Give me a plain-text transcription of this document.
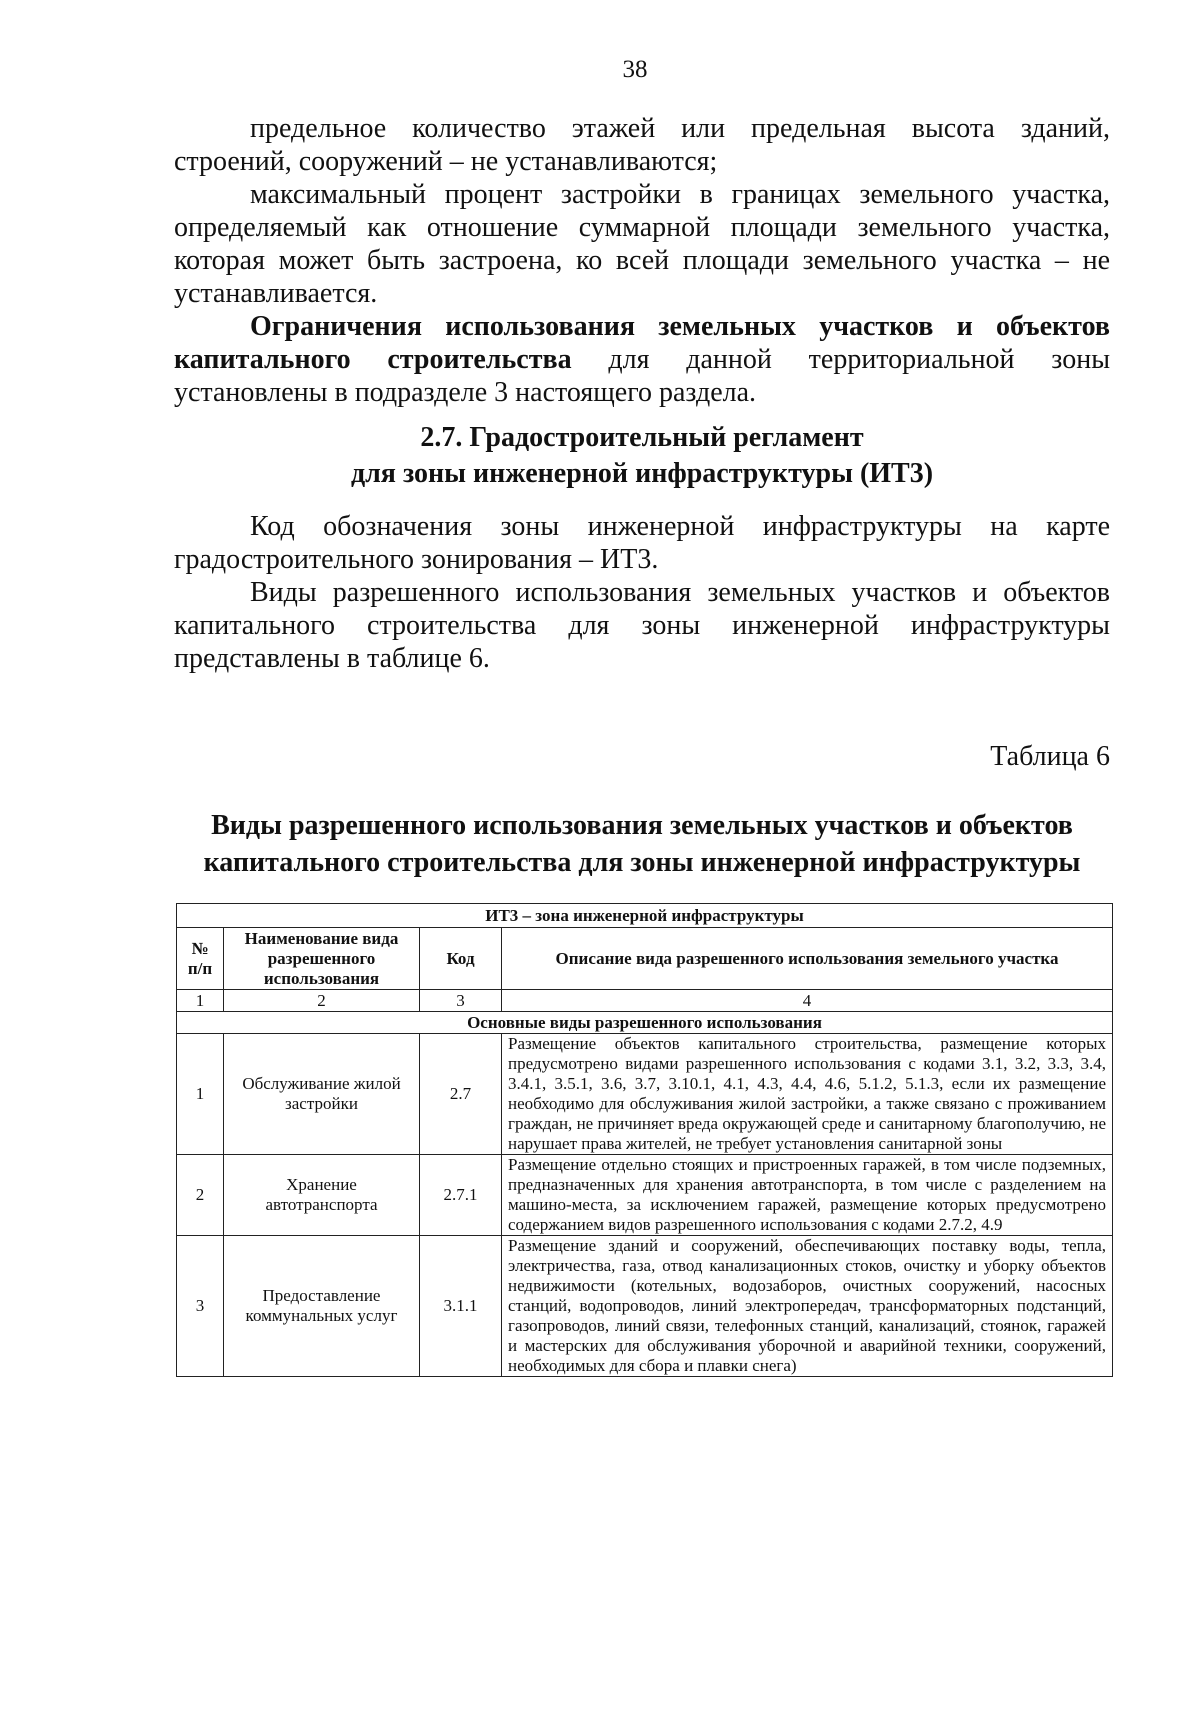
38

предельное количество этажей или предельная высота зданий, строений, сооружений – не устанавливаются;

максимальный процент застройки в границах земельного участка, определяемый как отношение суммарной площади земельного участка, которая может быть застроена, ко всей площади земельного участка – не устанавливается.

Ограничения использования земельных участков и объектов капитального строительства для данной территориальной зоны установлены в подразделе 3 настоящего раздела.

2.7. Градостроительный регламент
для зоны инженерной инфраструктуры (ИТ3)

Код обозначения зоны инженерной инфраструктуры на карте градостроительного зонирования – ИТ3.

Виды разрешенного использования земельных участков и объектов капитального строительства для зоны инженерной инфраструктуры представлены в таблице 6.

Таблица 6
Виды разрешенного использования земельных участков и объектов
капитального строительства для зоны инженерной инфраструктуры
ИТ3 – зона инженерной инфраструктуры			
№ п/п	Наименование вида разрешенного использования	Код	Описание вида разрешенного использования земельного участка
1	2	3	4
Основные виды разрешенного использования			
1	Обслуживание жилой застройки	2.7	Размещение объектов капитального строительства, размещение которых предусмотрено видами разрешенного использования с кодами 3.1, 3.2, 3.3, 3.4, 3.4.1, 3.5.1, 3.6, 3.7, 3.10.1, 4.1, 4.3, 4.4, 4.6, 5.1.2, 5.1.3, если их размещение необходимо для обслуживания жилой застройки, а также связано с проживанием граждан, не причиняет вреда окружающей среде и санитарному благополучию, не нарушает права жителей, не требует установления санитарной зоны
2	Хранение автотранспорта	2.7.1	Размещение отдельно стоящих и пристроенных гаражей, в том числе подземных, предназначенных для хранения автотранспорта, в том числе с разделением на машино-места, за исключением гаражей, размещение которых предусмотрено содержанием видов разрешенного использования с кодами 2.7.2, 4.9
3	Предоставление коммунальных услуг	3.1.1	Размещение зданий и сооружений, обеспечивающих поставку воды, тепла, электричества, газа, отвод канализационных стоков, очистку и уборку объектов недвижимости (котельных, водозаборов, очистных сооружений, насосных станций, водопроводов, линий электропередач, трансформаторных подстанций, газопроводов, линий связи, телефонных станций, канализаций, стоянок, гаражей и мастерских для обслуживания уборочной и аварийной техники, сооружений, необходимых для сбора и плавки снега)
